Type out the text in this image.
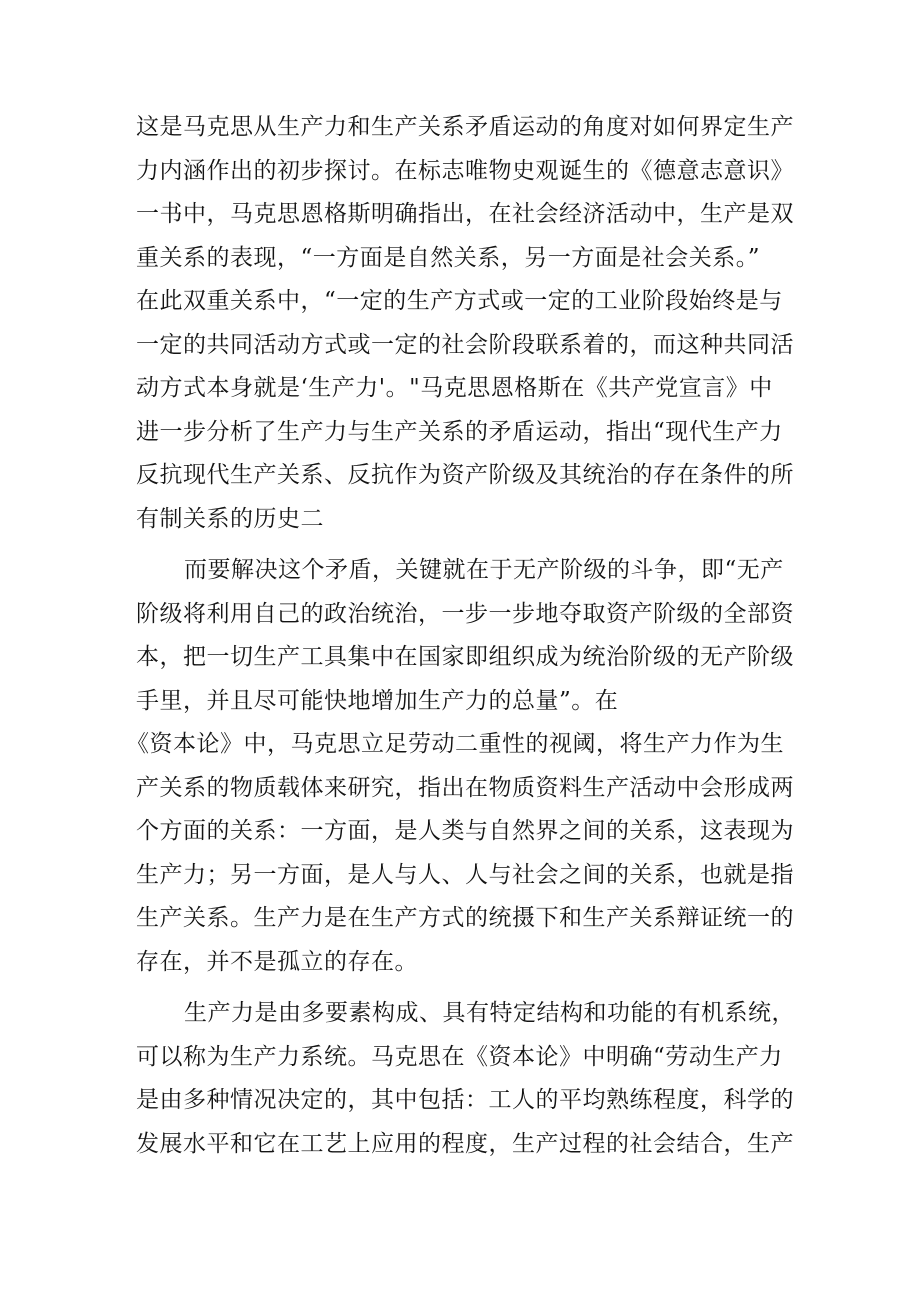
这是马克思从生产力和生产关系矛盾运动的角度对如何界定生产
力内涵作出的初步探讨。在标志唯物史观诞生的《德意志意识》
一书中，马克思恩格斯明确指出，在社会经济活动中，生产是双
重关系的表现，“一方面是自然关系，另一方面是社会关系。”
在此双重关系中，“一定的生产方式或一定的工业阶段始终是与
一定的共同活动方式或一定的社会阶段联系着的，而这种共同活
动方式本身就是‘生产力'。"马克思恩格斯在《共产党宣言》中
进一步分析了生产力与生产关系的矛盾运动，指出“现代生产力
反抗现代生产关系、反抗作为资产阶级及其统治的存在条件的所
有制关系的历史二
而要解决这个矛盾，关键就在于无产阶级的斗争，即“无产
阶级将利用自己的政治统治，一步一步地夺取资产阶级的全部资
本，把一切生产工具集中在国家即组织成为统治阶级的无产阶级
手里，并且尽可能快地增加生产力的总量”。在
《资本论》中，马克思立足劳动二重性的视阈，将生产力作为生
产关系的物质载体来研究，指出在物质资料生产活动中会形成两
个方面的关系：一方面，是人类与自然界之间的关系，这表现为
生产力；另一方面，是人与人、人与社会之间的关系，也就是指
生产关系。生产力是在生产方式的统摄下和生产关系辩证统一的
存在，并不是孤立的存在。
生产力是由多要素构成、具有特定结构和功能的有机系统，
可以称为生产力系统。马克思在《资本论》中明确“劳动生产力
是由多种情况决定的，其中包括：工人的平均熟练程度，科学的
发展水平和它在工艺上应用的程度，生产过程的社会结合，生产
